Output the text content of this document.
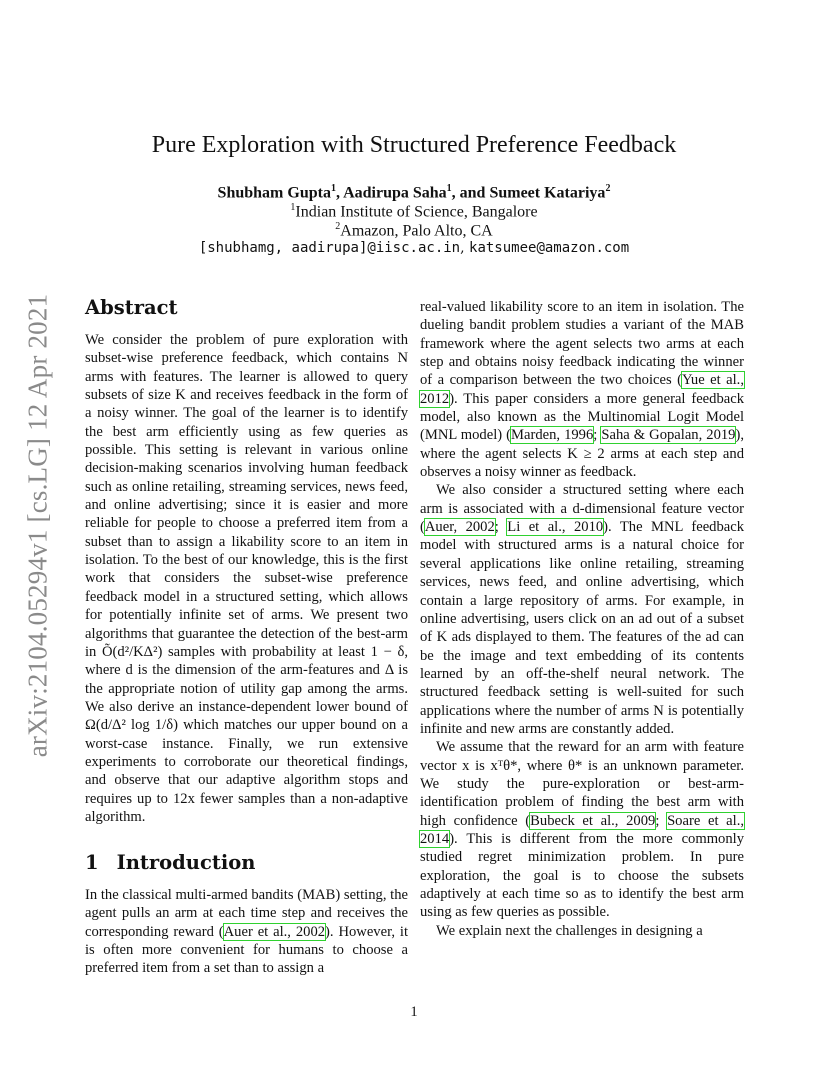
arXiv:2104.05294v1 [cs.LG] 12 Apr 2021
Pure Exploration with Structured Preference Feedback
Shubham Gupta$^1$, Aadirupa Saha$^1$, and Sumeet Katariya$^2$
$^1$Indian Institute of Science, Bangalore
$^2$Amazon, Palo Alto, CA
[shubhamg, aadirupa]@iisc.ac.in, katsumee@amazon.com
Abstract

We consider the problem of pure exploration with subset-wise preference feedback, which contains N arms with features. The learner is allowed to query subsets of size K and receives feedback in the form of a noisy winner. The goal of the learner is to identify the best arm efficiently using as few queries as possible. This setting is relevant in various online decision-making scenarios involving human feedback such as online retailing, streaming services, news feed, and online advertising; since it is easier and more reliable for people to choose a preferred item from a subset than to assign a likability score to an item in isolation. To the best of our knowledge, this is the first work that considers the subset-wise preference feedback model in a structured setting, which allows for potentially infinite set of arms. We present two algorithms that guarantee the detection of the best-arm in Õ(d²/KΔ²) samples with probability at least 1 − δ, where d is the dimension of the arm-features and Δ is the appropriate notion of utility gap among the arms. We also derive an instance-dependent lower bound of Ω(d/Δ² log 1/δ) which matches our upper bound on a worst-case instance. Finally, we run extensive experiments to corroborate our theoretical findings, and observe that our adaptive algorithm stops and requires up to 12x fewer samples than a non-adaptive algorithm.

1 Introduction

In the classical multi-armed bandits (MAB) setting, the agent pulls an arm at each time step and receives the corresponding reward (Auer et al., 2002). However, it is often more convenient for humans to choose a preferred item from a set than to assign a

real-valued likability score to an item in isolation. The dueling bandit problem studies a variant of the MAB framework where the agent selects two arms at each step and obtains noisy feedback indicating the winner of a comparison between the two choices (Yue et al., 2012). This paper considers a more general feedback model, also known as the Multinomial Logit Model (MNL model) (Marden, 1996; Saha & Gopalan, 2019), where the agent selects K ≥ 2 arms at each step and observes a noisy winner as feedback.

We also consider a structured setting where each arm is associated with a d-dimensional feature vector (Auer, 2002; Li et al., 2010). The MNL feedback model with structured arms is a natural choice for several applications like online retailing, streaming services, news feed, and online advertising, which contain a large repository of arms. For example, in online advertising, users click on an ad out of a subset of K ads displayed to them. The features of the ad can be the image and text embedding of its contents learned by an off-the-shelf neural network. The structured feedback setting is well-suited for such applications where the number of arms N is potentially infinite and new arms are constantly added.

We assume that the reward for an arm with feature vector x is xᵀθ*, where θ* is an unknown parameter. We study the pure-exploration or best-arm-identification problem of finding the best arm with high confidence (Bubeck et al., 2009; Soare et al., 2014). This is different from the more commonly studied regret minimization problem. In pure exploration, the goal is to choose the subsets adaptively at each time so as to identify the best arm using as few queries as possible.

We explain next the challenges in designing a

1
